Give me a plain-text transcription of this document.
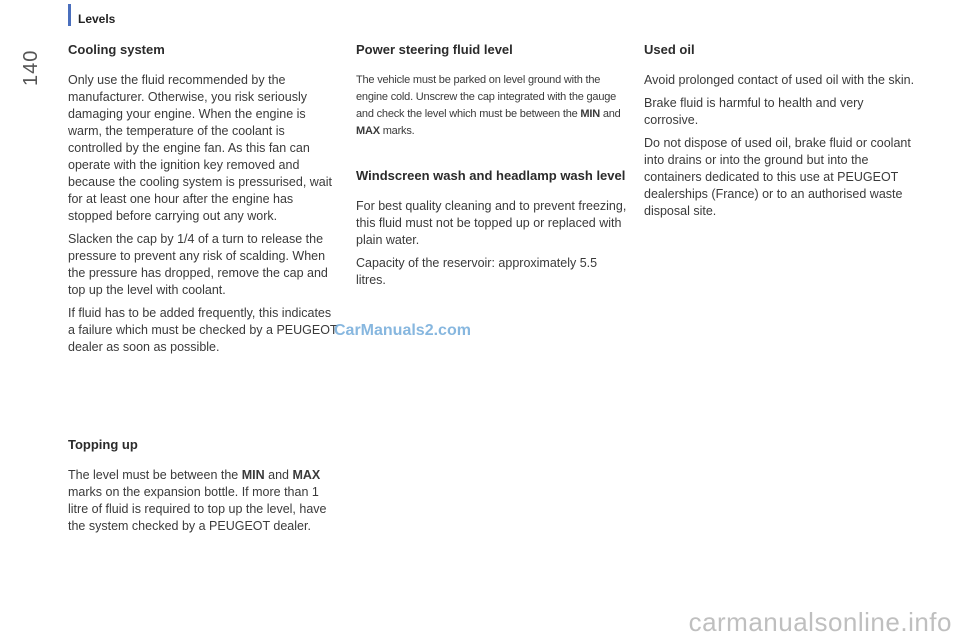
Levels
140
Cooling system

Only use the fluid recommended by the manufacturer. Otherwise, you risk seriously damaging your engine. When the engine is warm, the temperature of the coolant is controlled by the engine fan. As this fan can operate with the ignition key removed and because the cooling system is pressurised, wait for at least one hour after the engine has stopped before carrying out any work.

Slacken the cap by 1/4 of a turn to release the pressure to prevent any risk of scalding. When the pressure has dropped, remove the cap and top up the level with coolant.

If fluid has to be added frequently, this indicates a failure which must be checked by a PEUGEOT dealer as soon as possible.

Topping up

The level must be between the MIN and MAX marks on the expansion bottle. If more than 1 litre of fluid is required to top up the level, have the system checked by a PEUGEOT dealer.

Power steering fluid level

The vehicle must be parked on level ground with the engine cold. Unscrew the cap integrated with the gauge and check the level which must be between the MIN and MAX marks.

Windscreen wash and headlamp wash level

For best quality cleaning and to prevent freezing, this fluid must not be topped up or replaced with plain water.

Capacity of the reservoir: approximately 5.5 litres.

Used oil

Avoid prolonged contact of used oil with the skin.

Brake fluid is harmful to health and very corrosive.

Do not dispose of used oil, brake fluid or coolant into drains or into the ground but into the containers dedicated to this use at PEUGEOT dealerships (France) or to an authorised waste disposal site.

CarManuals2.com
carmanualsonline.info
